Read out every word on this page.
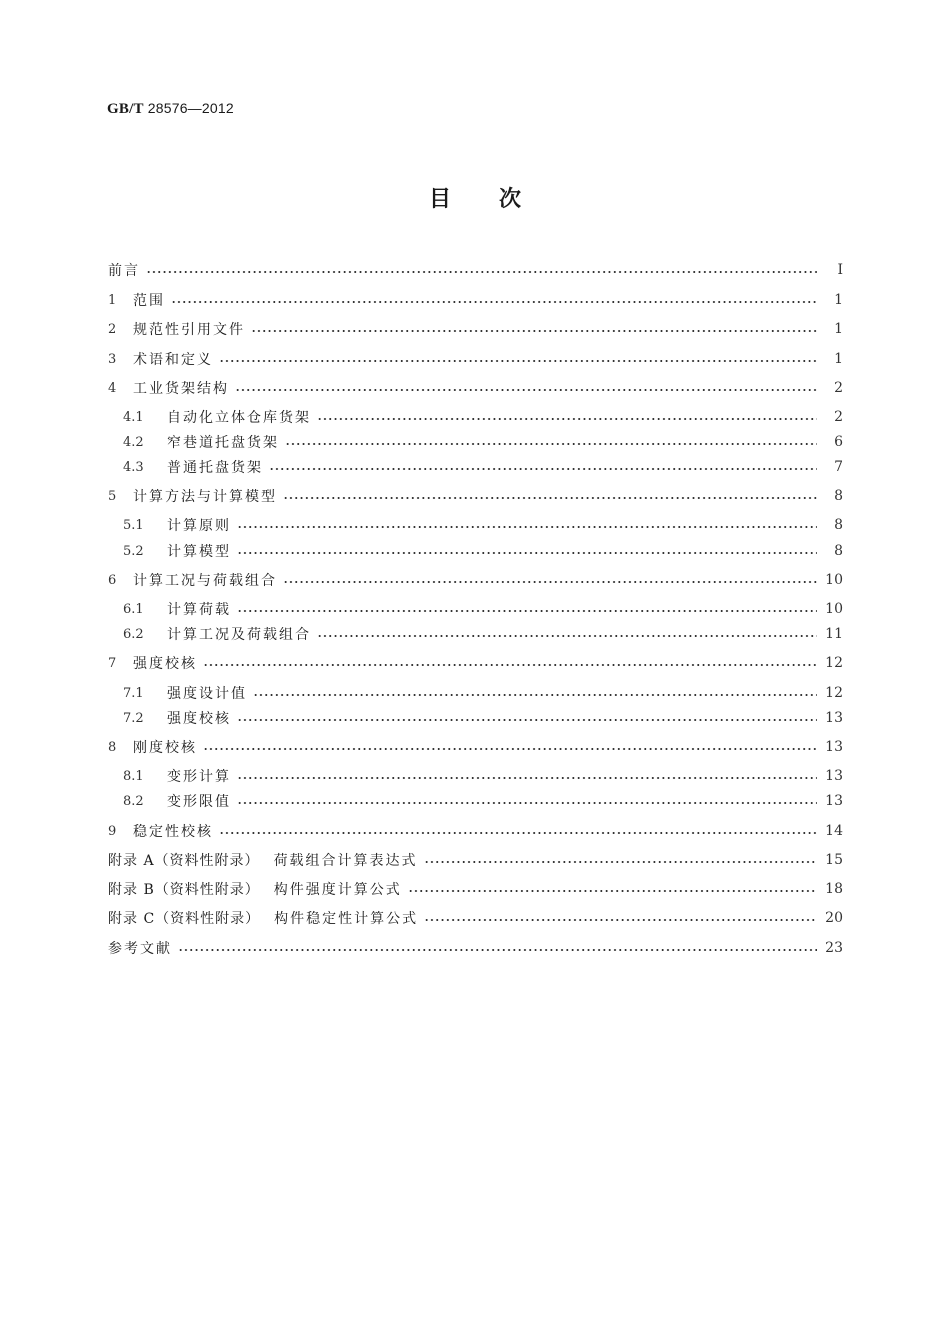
GB/T 28576—2012
目 次
前言	Ⅰ
1	范围	1
2	规范性引用文件	1
3	术语和定义	1
4	工业货架结构	2
4.1	自动化立体仓库货架	2
4.2	窄巷道托盘货架	6
4.3	普通托盘货架	7
5	计算方法与计算模型	8
5.1	计算原则	8
5.2	计算模型	8
6	计算工况与荷载组合	10
6.1	计算荷载	10
6.2	计算工况及荷载组合	11
7	强度校核	12
7.1	强度设计值	12
7.2	强度校核	13
8	刚度校核	13
8.1	变形计算	13
8.2	变形限值	13
9	稳定性校核	14
附录 A（资料性附录）	荷载组合计算表达式	15
附录 B（资料性附录）	构件强度计算公式	18
附录 C（资料性附录）	构件稳定性计算公式	20
参考文献	23
